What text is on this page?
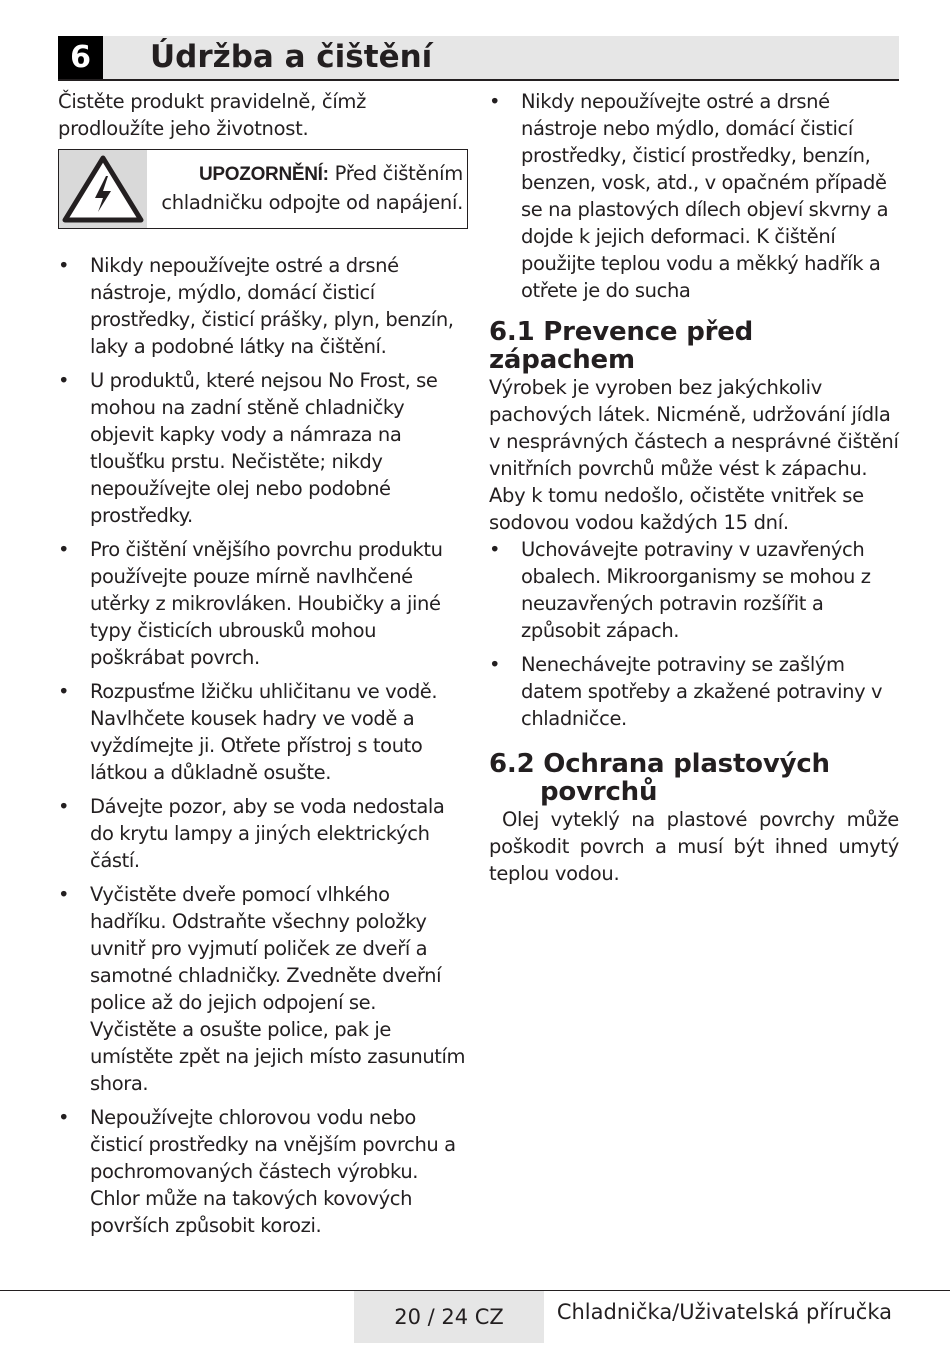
6	Údržba a čištění

Čistěte produkt pravidelně, čímž prodloužíte jeho životnost.

UPOZORNĚNÍ: Před čištěním chladničku odpojte od napájení.
• Nikdy nepoužívejte ostré a drsné nástroje, mýdlo, domácí čisticí prostředky, čisticí prášky, plyn, benzín, laky a podobné látky na čištění.
• U produktů, které nejsou No Frost, se mohou na zadní stěně chladničky objevit kapky vody a námraza na tloušťku prstu. Nečistěte; nikdy nepoužívejte olej nebo podobné prostředky.
• Pro čištění vnějšího povrchu produktu používejte pouze mírně navlhčené utěrky z mikrovláken. Houbičky a jiné typy čisticích ubrousků mohou poškrábat povrch.
• Rozpusťme lžičku uhličitanu ve vodě. Navlhčete kousek hadry ve vodě a vyždímejte ji. Otřete přístroj s touto látkou a důkladně osušte.
• Dávejte pozor, aby se voda nedostala do krytu lampy a jiných elektrických částí.
• Vyčistěte dveře pomocí vlhkého hadříku. Odstraňte všechny položky uvnitř pro vyjmutí poliček ze dveří a samotné chladničky. Zvedněte dveřní police až do jejich odpojení se. Vyčistěte a osušte police, pak je umístěte zpět na jejich místo zasunutím shora.
• Nepoužívejte chlorovou vodu nebo čisticí prostředky na vnějším povrchu a pochromovaných částech výrobku. Chlor může na takových kovových površích způsobit korozi.
• Nikdy nepoužívejte ostré a drsné nástroje nebo mýdlo, domácí čisticí prostředky, čisticí prostředky, benzín, benzen, vosk, atd., v opačném případě se na plastových dílech objeví skvrny a dojde k jejich deformaci. K čištění použijte teplou vodu a měkký hadřík a otřete je do sucha
6.1 Prevence před zápachem

Výrobek je vyroben bez jakýchkoliv pachových látek. Nicméně, udržování jídla v nesprávných částech a nesprávné čištění vnitřních povrchů může vést k zápachu.

Aby k tomu nedošlo, očistěte vnitřek se sodovou vodou každých 15 dní.

• Uchovávejte potraviny v uzavřených obalech. Mikroorganismy se mohou z neuzavřených potravin rozšířit a způsobit zápach.
• Nenechávejte potraviny se zašlým datem spotřeby a zkažené potraviny v chladničce.
6.2 Ochrana plastových
povrchů

Olej vyteklý na plastové povrchy může poškodit povrch a musí být ihned umytý teplou vodou.

20 / 24 CZ	Chladnička/Uživatelská příručka
